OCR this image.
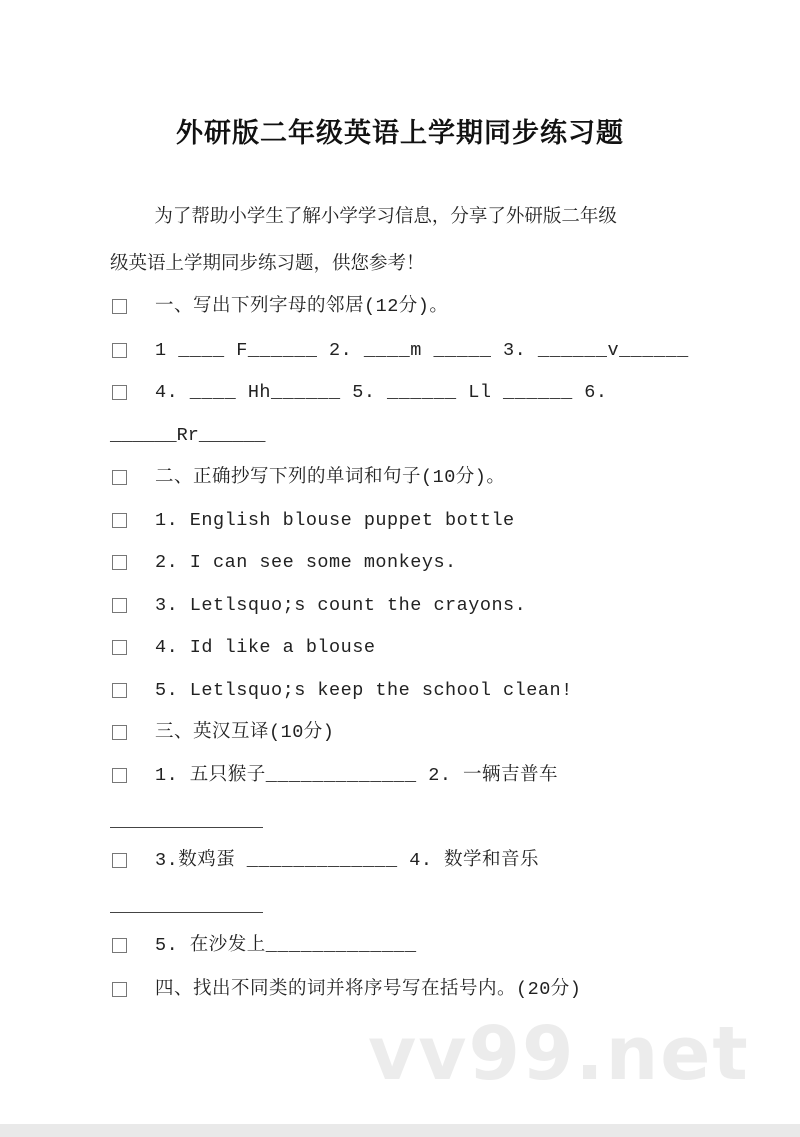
外研版二年级英语上学期同步练习题
为了帮助小学生了解小学学习信息，分享了外研版二年级
级英语上学期同步练习题，供您参考！
一、写出下列字母的邻居(12分)。
1 ____ F______ 2. ____m _____ 3. ______v______
4. ____ Hh______ 5. ______ Ll ______ 6.
______Rr______
二、正确抄写下列的单词和句子(10分)。
1. English blouse puppet bottle
2. I can see some monkeys.
3. Letlsquo;s count the crayons.
4. Id like a blouse
5. Letlsquo;s keep the school clean!
三、英汉互译(10分)
1. 五只猴子_____________ 2. 一辆吉普车
3.数鸡蛋 _____________ 4. 数学和音乐
5. 在沙发上_____________
四、找出不同类的词并将序号写在括号内。(20分)
vv99.net
